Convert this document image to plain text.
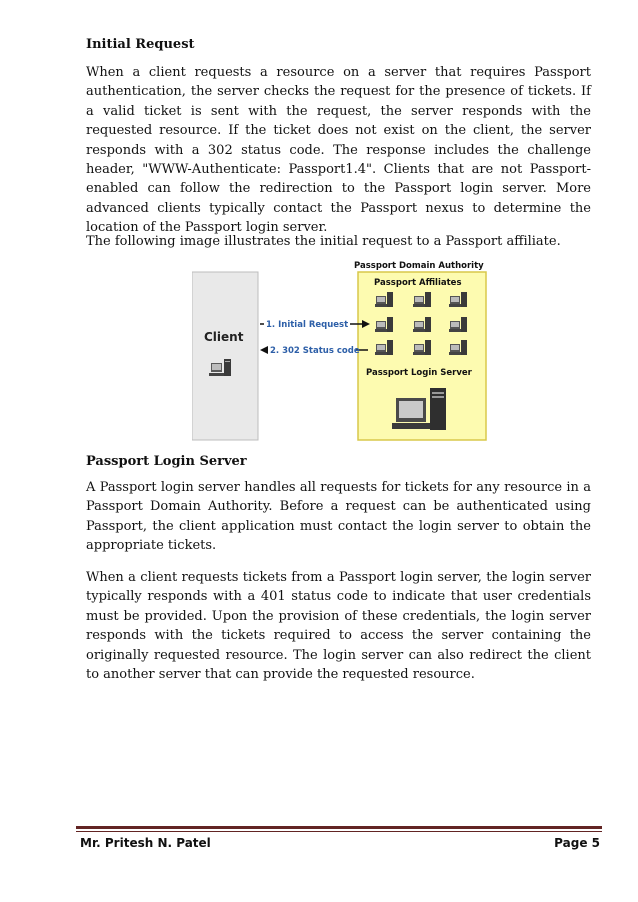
Initial Request

When a client requests a resource on a server that requires Passport authentication, the server checks the request for the presence of tickets. If a valid ticket is sent with the request, the server responds with the requested resource. If the ticket does not exist on the client, the server responds with a 302 status code. The response includes the challenge header, "WWW-Authenticate: Passport1.4". Clients that are not Passport-enabled can follow the redirection to the Passport login server. More advanced clients typically contact the Passport nexus to determine the location of the Passport login server.

The following image illustrates the initial request to a Passport affiliate.

Client
Passport Domain Authority
Passport Affiliates
Passport Login Server
1. Initial Request
2. 302 Status code
Passport Login Server

A Passport login server handles all requests for tickets for any resource in a Passport Domain Authority. Before a request can be authenticated using Passport, the client application must contact the login server to obtain the appropriate tickets.

When a client requests tickets from a Passport login server, the login server typically responds with a 401 status code to indicate that user credentials must be provided. Upon the provision of these credentials, the login server responds with the tickets required to access the server containing the originally requested resource. The login server can also redirect the client to another server that can provide the requested resource.

Mr. Pritesh N. Patel	Page 5
